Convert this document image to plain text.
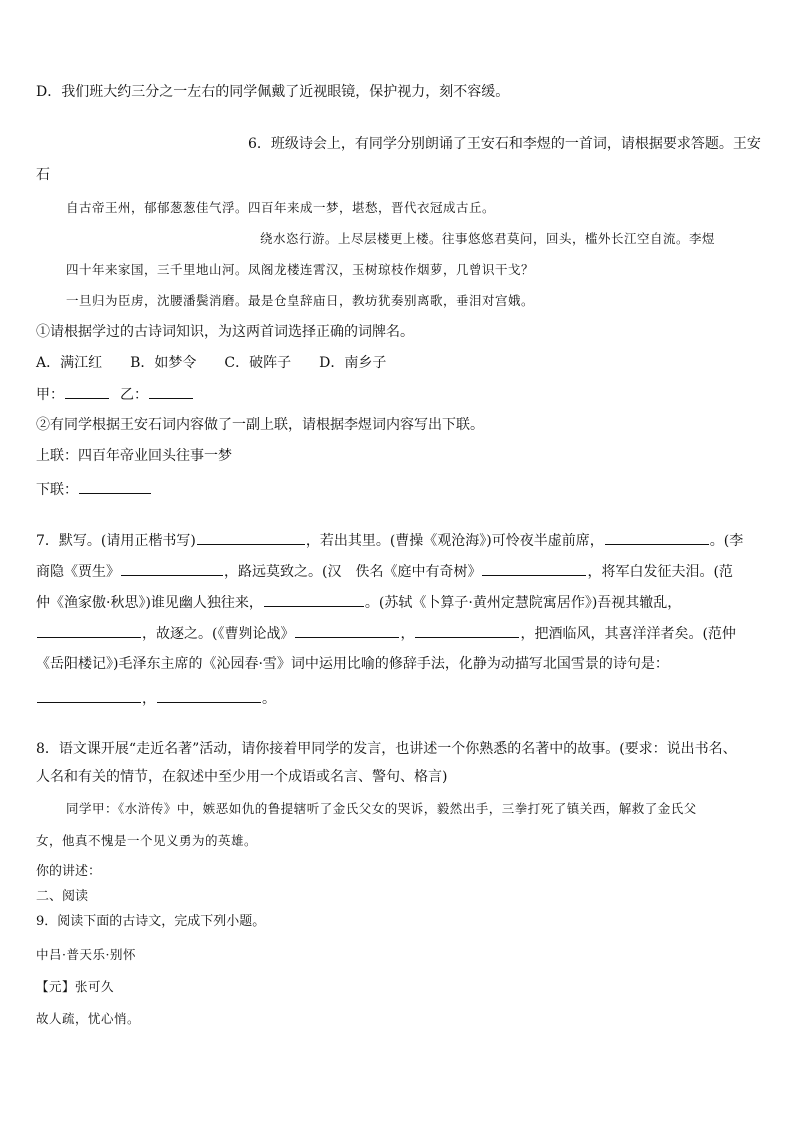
D．我们班大约三分之一左右的同学佩戴了近视眼镜，保护视力，刻不容缓。
6．班级诗会上，有同学分别朗诵了王安石和李煜的一首词，请根据要求答题。王安
石
自古帝王州，郁郁葱葱佳气浮。四百年来成一梦，堪愁，晋代衣冠成古丘。
绕水恣行游。上尽层楼更上楼。往事悠悠君莫问，回头，槛外长江空自流。李煜
四十年来家国，三千里地山河。凤阁龙楼连霄汉，玉树琼枝作烟萝，几曾识干戈？
一旦归为臣虏，沈腰潘鬓消磨。最是仓皇辞庙日，教坊犹奏别离歌，垂泪对宫娥。
①请根据学过的古诗词知识，为这两首词选择正确的词牌名。
A．满江红　　B．如梦令　　C．破阵子　　D．南乡子
甲：	乙：
②有同学根据王安石词内容做了一副上联，请根据李煜词内容写出下联。
上联：四百年帝业回头往事一梦
下联：
7．默写。(请用正楷书写)	，若出其里。(曹操《观沧海》)可怜夜半虚前席，	。(李
商隐《贾生》	，路远莫致之。(汉　佚名《庭中有奇树》	，将军白发征夫泪。(范
仲《渔家傲·秋思》)谁见幽人独往来，	。(苏轼《卜算子·黄州定慧院寓居作》)吾视其辙乱，
，故逐之。(《曹刿论战》	，	，把酒临风，其喜洋洋者矣。(范仲
《岳阳楼记》)毛泽东主席的《沁园春·雪》词中运用比喻的修辞手法，化静为动描写北国雪景的诗句是：
，	。
8．语文课开展“走近名著”活动，请你接着甲同学的发言，也讲述一个你熟悉的名著中的故事。(要求：说出书名、
人名和有关的情节，在叙述中至少用一个成语或名言、警句、格言)
同学甲：《水浒传》中，嫉恶如仇的鲁提辖听了金氏父女的哭诉，毅然出手，三拳打死了镇关西，解救了金氏父
女，他真不愧是一个见义勇为的英雄。
你的讲述：
二、阅读
9．阅读下面的古诗文，完成下列小题。
中吕·普天乐·别怀
【元】张可久
故人疏，忧心悄。
